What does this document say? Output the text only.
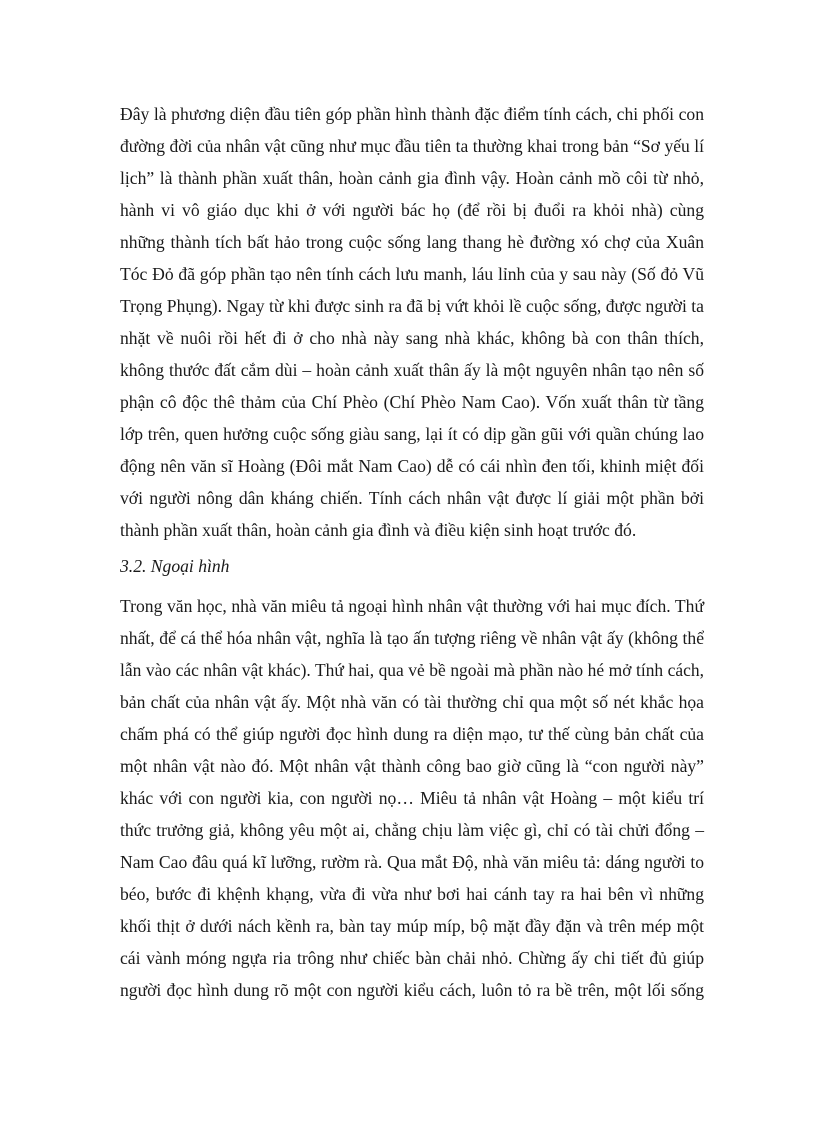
Đây là phương diện đầu tiên góp phần hình thành đặc điểm tính cách, chi phối con
đường đời của nhân vật cũng như mục đầu tiên ta thường khai trong bản “Sơ yếu lí
lịch” là thành phần xuất thân, hoàn cảnh gia đình vậy. Hoàn cảnh mồ côi từ nhỏ,
hành vi vô giáo dục khi ở với người bác họ (để rồi bị đuổi ra khỏi nhà) cùng
những thành tích bất hảo trong cuộc sống lang thang hè đường xó chợ của Xuân
Tóc Đỏ đã góp phần tạo nên tính cách lưu manh, láu lỉnh của y sau này (Số đỏ Vũ
Trọng Phụng). Ngay từ khi được sinh ra đã bị vứt khỏi lề cuộc sống, được người ta
nhặt về nuôi rồi hết đi ở cho nhà này sang nhà khác, không bà con thân thích,
không thước đất cắm dùi – hoàn cảnh xuất thân ấy là một nguyên nhân tạo nên số
phận cô độc thê thảm của Chí Phèo (Chí Phèo Nam Cao). Vốn xuất thân từ tầng
lớp trên, quen hưởng cuộc sống giàu sang, lại ít có dịp gần gũi với quần chúng lao
động nên văn sĩ Hoàng (Đôi mắt Nam Cao) dễ có cái nhìn đen tối, khinh miệt đối
với người nông dân kháng chiến. Tính cách nhân vật được lí giải một phần bởi
thành phần xuất thân, hoàn cảnh gia đình và điều kiện sinh hoạt trước đó.
3.2. Ngoại hình
Trong văn học, nhà văn miêu tả ngoại hình nhân vật thường với hai mục đích. Thứ
nhất, để cá thể hóa nhân vật, nghĩa là tạo ấn tượng riêng về nhân vật ấy (không thể
lẫn vào các nhân vật khác). Thứ hai, qua vẻ bề ngoài mà phần nào hé mở tính cách,
bản chất của nhân vật ấy. Một nhà văn có tài thường chỉ qua một số nét khắc họa
chấm phá có thể giúp người đọc hình dung ra diện mạo, tư thế cùng bản chất của
một nhân vật nào đó. Một nhân vật thành công bao giờ cũng là “con người này”
khác với con người kia, con người nọ… Miêu tả nhân vật Hoàng – một kiểu trí
thức trưởng giả, không yêu một ai, chẳng chịu làm việc gì, chỉ có tài chửi đổng –
Nam Cao đâu quá kĩ lưỡng, rườm rà. Qua mắt Độ, nhà văn miêu tả: dáng người to
béo, bước đi khệnh khạng, vừa đi vừa như bơi hai cánh tay ra hai bên vì những
khối thịt ở dưới nách kềnh ra, bàn tay múp míp, bộ mặt đầy đặn và trên mép một
cái vành móng ngựa ria trông như chiếc bàn chải nhỏ. Chừng ấy chi tiết đủ giúp
người đọc hình dung rõ một con người kiểu cách, luôn tỏ ra bề trên, một lối sống
